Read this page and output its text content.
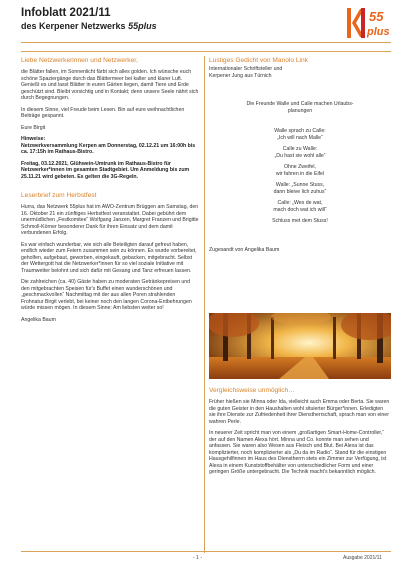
Infoblatt 2021/11
des Kerpener Netzwerks 55plus
55
plus
Liebe Netzwerkerinnen und Netzwerker,

die Blätter fallen, im Sonnenlicht färbt sich alles golden. Ich wünsche euch schöne Spaziergänge durch das Blättermeer bei kalter und klarer Luft. Genießt es und lasst Blätter in euren Gärten liegen, damit Tiere und Erde geschützt sind. Bleibt vorsichtig und in Kontakt; denn unsere Seele nährt sich durch Begegnungen.

In diesem Sinne, viel Freude beim Lesen. Bin auf eure weihnachtlichen Beiträge gespannt.

Eure Birgit

Hinweise:

Netzwerkversammlung Kerpen am Donnerstag, 02.12.21 um 16:00h bis ca. 17:15h im Rathaus-Bistro.

Freitag, 03.12.2021, Glühwein-Umtrunk im Rathaus-Bistro für Netzwerker*innen im gesamten Stadtgebiet. Um Anmeldung bis zum 25.11.21 wird gebeten. Es gelten die 3G-Regeln.

Leserbrief zum Herbstfest

Hurra, das Netzwerk 55plus hat im AWO-Zentrum Brüggen am Samstag, den 16. Oktober 21 ein zünftiges Herbstfest veranstaltet. Dabei gebührt dem unermüdlichen „Festkomitee“ Wolfgang Janzen, Margret Franzen und Brigitte Schmoll-Körner besonderer Dank für ihren Einsatz und dem damit verbundenen Erfolg.

Es war einfach wunderbar, wie sich alle Beteiligten darauf gefreut haben, endlich wieder zum Feiern zusammen sein zu können. Es wurde vorbereitet, geholfen, aufgebaut, geworben, eingekauft, gebacken, mitgebracht. Selbst der Wettergott hat die Netzwerker*innen für so viel soziale Initiative mit Traumwetter belohnt und sich dafür mit Gesang und Tanz erfreuen lassen.

Die zahlreichen (ca. 40) Gäste haben zu moderaten Getränkepreisen und den mitgebrachten Speisen für's Buffet einen wunderschönen und „geschmackvollen“ Nachmittag mit der aus allen Poren strahlenden Frohnatur Birgit verlebt, bei keiner noch den langen Corona-Entbehrungen würde missen mögen. In diesem Sinne: Am liebsten weiter so!

Angelika Baum

Lustiges Gedicht von Manolo Link
Internationaler Schriftsteller und
Kerpener Jung aus Türnich
Die Freunde Walle und Calle machen Urlaubs-
planungen
Walle sprach zu Calle:
„Ich will nach Malle“
Calle zu Walle:
„Du hast sie wohl alle“
Ohne Zweifel,
wir fahren in die Eifel
Walle: „Sunne Stuss,
dann bleive lich zuhus“
Calle: „Wes de wat,
mach doch wat ich will“
Schluss met dem Stuss!
Zugesandt von Angelika Baum
Vergleichsweise unmöglich…

Früher hießen sie Minna oder Ida, vielleicht auch Emma oder Berta. Sie waren die guten Geister in den Haushalten wohl situierter Bürger*innen. Erledigten sie ihre Dienste zur Zufriedenheit ihrer Dienstherrschaft, sprach man von einer wahren Perle.

In neuerer Zeit spricht man von einem „großartigen Smart-Home-Controller,“ der auf den Namen Alexa hört. Minna und Co. konnte man sehen und anfassen. Sie waren also Wesen aus Fleisch und Blut. Bei Alexa ist das komplizierter, noch komplizierter als „Du da im Radio“. Stand für die einstigen Hausgehilfinnen im Haus des Dienstherrn stets ein Zimmer zur Verfügung, ist Alexa in einem Kunststoffbehälter von unterschiedlicher Form und einer geringen Größe untergebracht. Die Technik macht's bekanntlich möglich.

- 1 -	Ausgabe 2021/11
